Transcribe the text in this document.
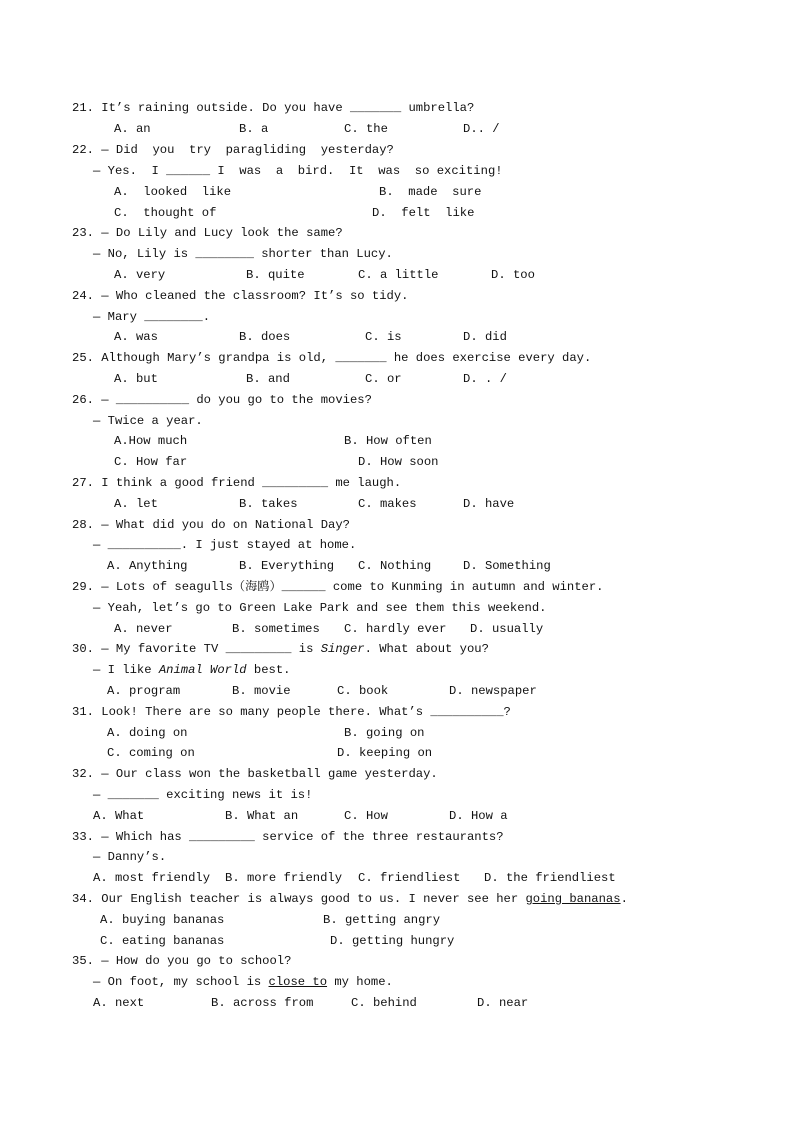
21. It’s raining outside. Do you have _______ umbrella?
A. an	B. a	C. the	D.. /
22. — Did  you  try  paragliding  yesterday?
— Yes.  I ______ I  was  a  bird.  It  was  so exciting!
A.  looked  like	B.  made  sure
C.  thought of	D.  felt  like
23. — Do Lily and Lucy look the same?
— No, Lily is ________ shorter than Lucy.
A. very	B. quite	C. a little	D. too
24. — Who cleaned the classroom? It’s so tidy.
— Mary ________.
A. was	B. does	C. is	D. did
25. Although Mary’s grandpa is old, _______ he does exercise every day.
A. but	B. and	C. or	D. . /
26. — __________ do you go to the movies?
— Twice a year.
A.How much	B. How often
C. How far	D. How soon
27. I think a good friend _________ me laugh.
A. let	B. takes	C. makes	D. have
28. — What did you do on National Day?
— __________. I just stayed at home.
A. Anything	B. Everything C. Nothing	D. Something
29. — Lots of seagulls（海鸥）______ come to Kunming in autumn and winter.
— Yeah, let’s go to Green Lake Park and see them this weekend.
A. never	B. sometimes C. hardly ever D. usually
30. — My favorite TV _________ is Singer. What about you?
— I like Animal World best.
A. program	B. movie	C. book	D. newspaper
31. Look! There are so many people there. What’s __________?
A. doing on	B. going on
C. coming on	D. keeping on
32. — Our class won the basketball game yesterday.
— _______ exciting news it is!
A. What	B. What an	C. How	D. How a
33. — Which has _________ service of the three restaurants?
— Danny’s.
A. most friendly B. more friendly C. friendliest D. the friendliest
34. Our English teacher is always good to us. I never see her going bananas.
A. buying bananas	B. getting angry
C. eating bananas	D. getting hungry
35. — How do you go to school?
— On foot, my school is close to my home.
A. next	B. across from	C. behind	D. near
